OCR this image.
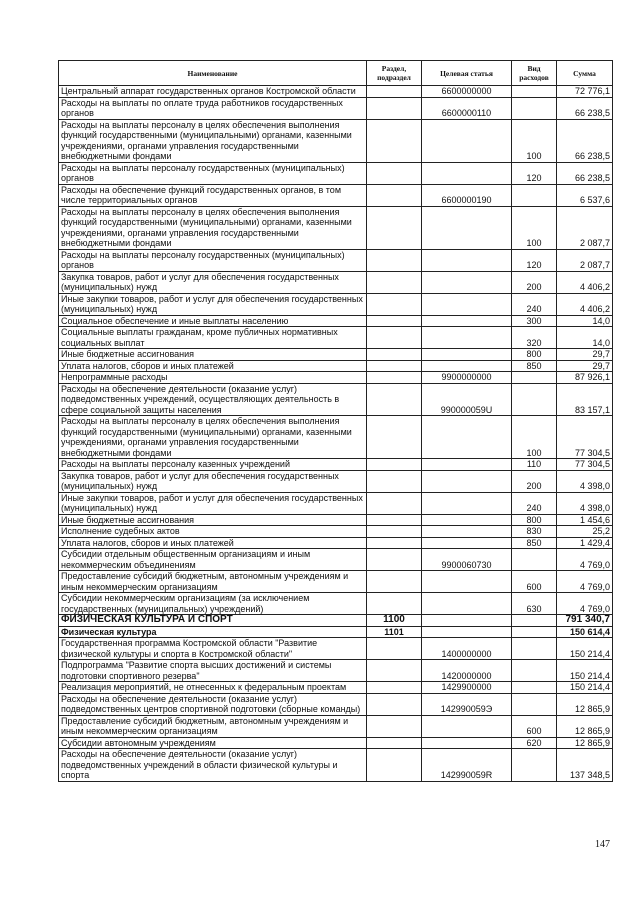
Наименование	Раздел, подраздел	Целевая статья	Вид расходов	Сумма
Центральный аппарат государственных органов Костромской области		6600000000		72 776,1
Расходы на выплаты по оплате труда работников государственных органов		6600000110		66 238,5
Расходы на выплаты персоналу в целях обеспечения выполнения функций государственными (муниципальными) органами, казенными учреждениями, органами управления государственными внебюджетными фондами			100	66 238,5
Расходы на выплаты персоналу государственных (муниципальных) органов			120	66 238,5
Расходы на обеспечение функций государственных органов, в том числе территориальных органов		6600000190		6 537,6
Расходы на выплаты персоналу в целях обеспечения выполнения функций государственными (муниципальными) органами, казенными учреждениями, органами управления государственными внебюджетными фондами			100	2 087,7
Расходы на выплаты персоналу государственных (муниципальных) органов			120	2 087,7
Закупка товаров, работ и услуг для обеспечения государственных (муниципальных) нужд			200	4 406,2
Иные закупки товаров, работ и услуг для обеспечения государственных (муниципальных) нужд			240	4 406,2
Социальное обеспечение и иные выплаты населению			300	14,0
Социальные выплаты гражданам, кроме публичных нормативных социальных выплат			320	14,0
Иные бюджетные ассигнования			800	29,7
Уплата налогов, сборов и иных платежей			850	29,7
Непрограммные расходы		9900000000		87 926,1
Расходы на обеспечение деятельности (оказание услуг) подведомственных учреждений, осуществляющих деятельность в сфере социальной защиты населения		990000059U		83 157,1
Расходы на выплаты персоналу в целях обеспечения выполнения функций государственными (муниципальными) органами, казенными учреждениями, органами управления государственными внебюджетными фондами			100	77 304,5
Расходы на выплаты персоналу казенных учреждений			110	77 304,5
Закупка товаров, работ и услуг для обеспечения государственных (муниципальных) нужд			200	4 398,0
Иные закупки товаров, работ и услуг для обеспечения государственных (муниципальных) нужд			240	4 398,0
Иные бюджетные ассигнования			800	1 454,6
Исполнение судебных актов			830	25,2
Уплата налогов, сборов и иных платежей			850	1 429,4
Субсидии отдельным общественным организациям и иным некоммерческим объединениям		9900060730		4 769,0
Предоставление субсидий бюджетным, автономным учреждениям и иным некоммерческим организациям			600	4 769,0
Субсидии некоммерческим организациям (за исключением государственных (муниципальных) учреждений)			630	4 769,0
ФИЗИЧЕСКАЯ КУЛЬТУРА И СПОРТ	1100			791 340,7
Физическая культура	1101			150 614,4
Государственная программа Костромской области "Развитие физической культуры и спорта в Костромской области"		1400000000		150 214,4
Подпрограмма "Развитие спорта высших достижений и системы подготовки спортивного резерва"		1420000000		150 214,4
Реализация мероприятий, не отнесенных к федеральным проектам		1429900000		150 214,4
Расходы на обеспечение деятельности (оказание услуг) подведомственных центров спортивной подготовки (сборные команды)		142990059Э		12 865,9
Предоставление субсидий бюджетным, автономным учреждениям и иным некоммерческим организациям			600	12 865,9
Субсидии автономным учреждениям			620	12 865,9
Расходы на обеспечение деятельности (оказание услуг) подведомственных учреждений в области физической культуры и спорта		142990059R		137 348,5
147
